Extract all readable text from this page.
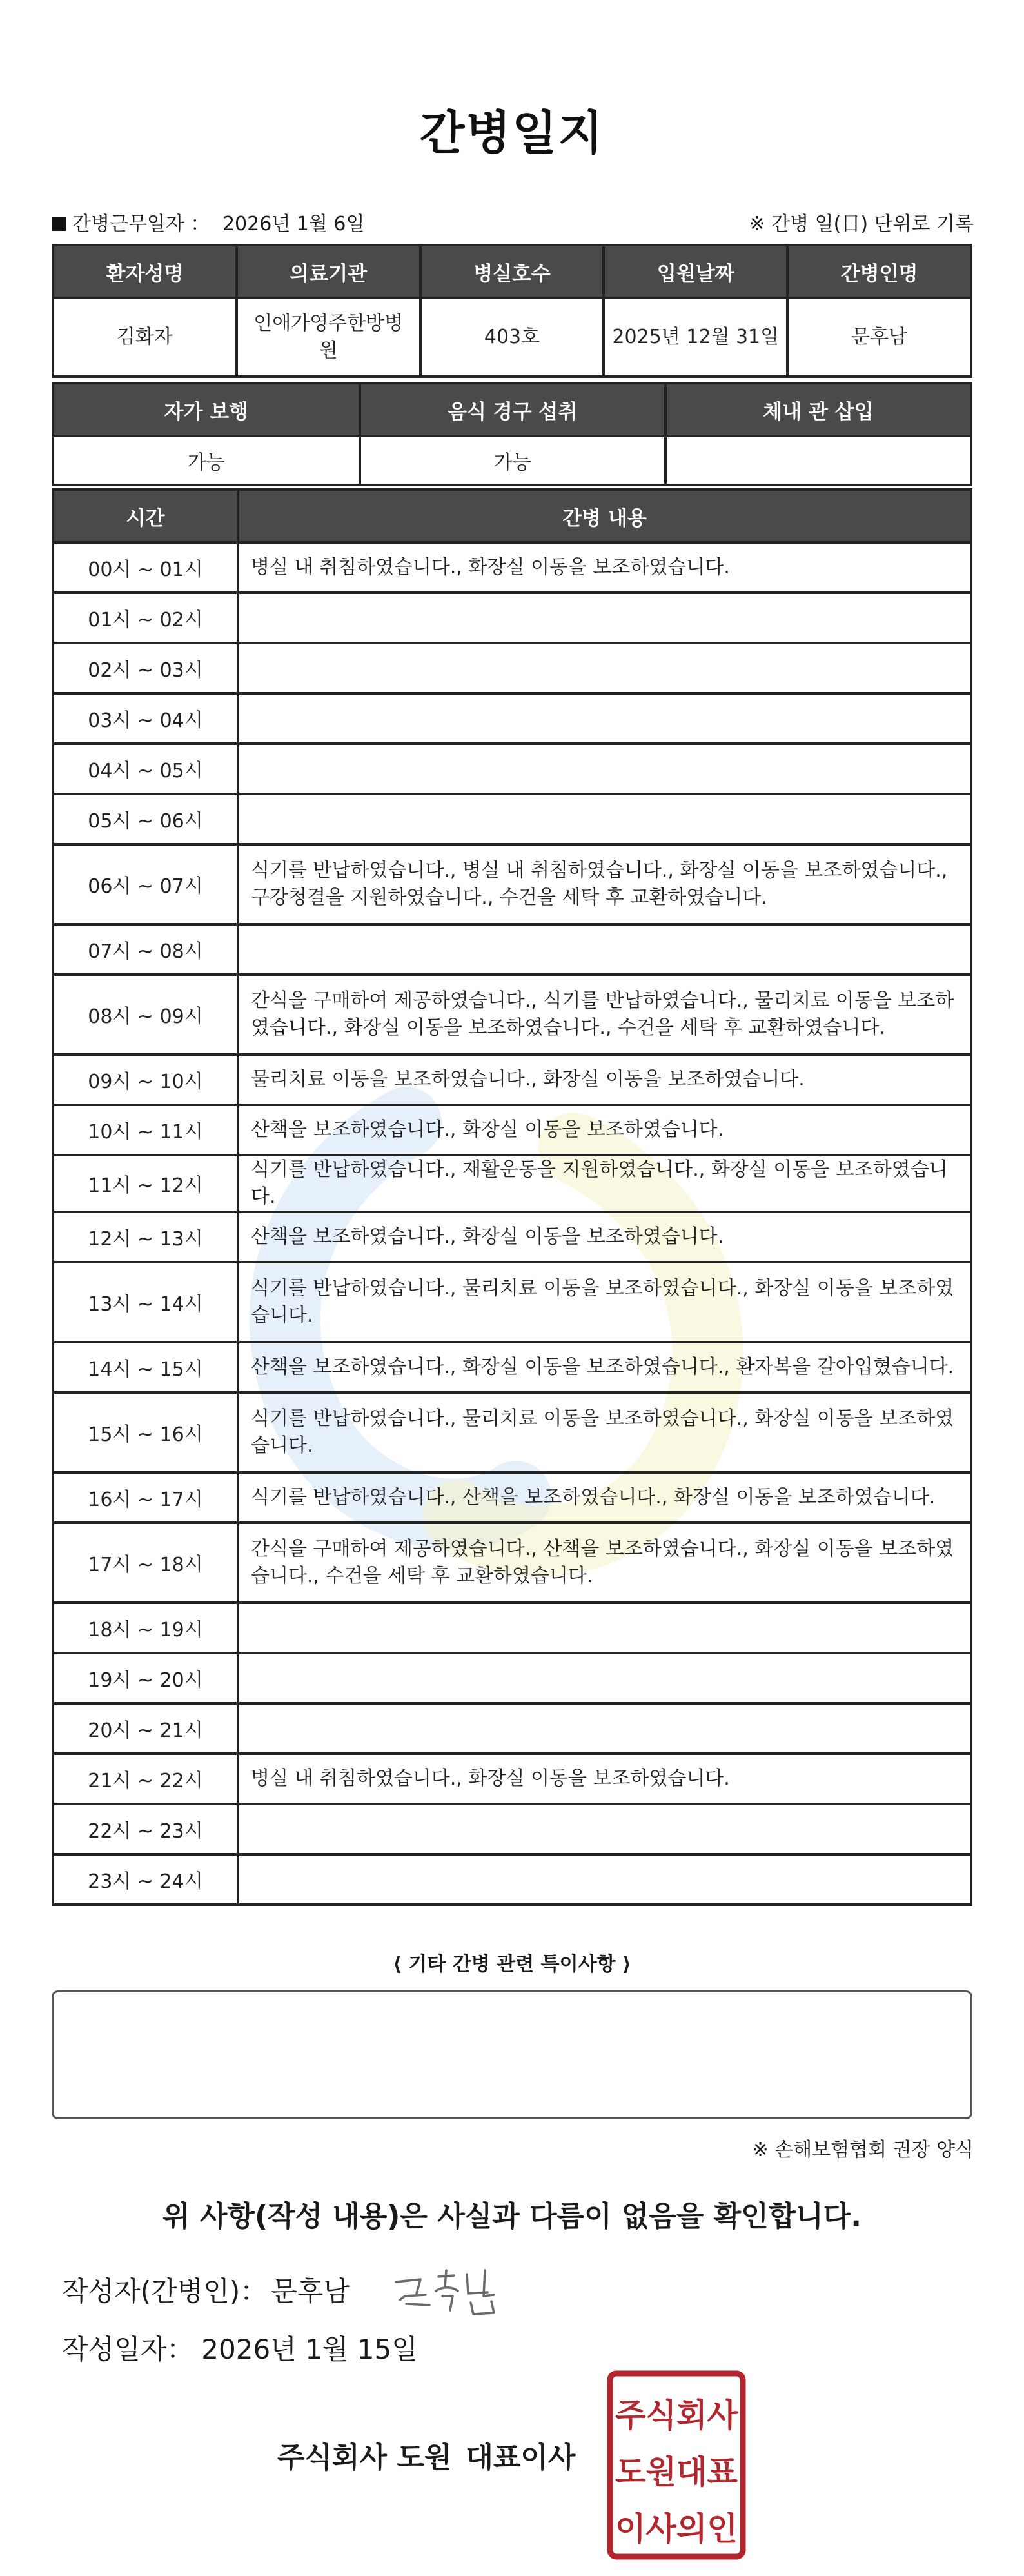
간병일지
간병근무일자 ： 2026년 1월 6일	※ 간병 일(日) 단위로 기록
환자성명	의료기관	병실호수	입원날짜	간병인명
김화자	인애가영주한방병원	403호	2025년 12월 31일	문후남
자가 보행	음식 경구 섭취	체내 관 삽입
가능	가능	
시간	간병 내용
00시 ~ 01시	병실 내 취침하였습니다., 화장실 이동을 보조하였습니다.
01시 ~ 02시	
02시 ~ 03시	
03시 ~ 04시	
04시 ~ 05시	
05시 ~ 06시	
06시 ~ 07시	식기를 반납하였습니다., 병실 내 취침하였습니다., 화장실 이동을 보조하였습니다., 구강청결을 지원하였습니다., 수건을 세탁 후 교환하였습니다.
07시 ~ 08시	
08시 ~ 09시	간식을 구매하여 제공하였습니다., 식기를 반납하였습니다., 물리치료 이동을 보조하였습니다., 화장실 이동을 보조하였습니다., 수건을 세탁 후 교환하였습니다.
09시 ~ 10시	물리치료 이동을 보조하였습니다., 화장실 이동을 보조하였습니다.
10시 ~ 11시	산책을 보조하였습니다., 화장실 이동을 보조하였습니다.
11시 ~ 12시	식기를 반납하였습니다., 재활운동을 지원하였습니다., 화장실 이동을 보조하였습니다.
12시 ~ 13시	산책을 보조하였습니다., 화장실 이동을 보조하였습니다.
13시 ~ 14시	식기를 반납하였습니다., 물리치료 이동을 보조하였습니다., 화장실 이동을 보조하였습니다.
14시 ~ 15시	산책을 보조하였습니다., 화장실 이동을 보조하였습니다., 환자복을 갈아입혔습니다.
15시 ~ 16시	식기를 반납하였습니다., 물리치료 이동을 보조하였습니다., 화장실 이동을 보조하였습니다.
16시 ~ 17시	식기를 반납하였습니다., 산책을 보조하였습니다., 화장실 이동을 보조하였습니다.
17시 ~ 18시	간식을 구매하여 제공하였습니다., 산책을 보조하였습니다., 화장실 이동을 보조하였습니다., 수건을 세탁 후 교환하였습니다.
18시 ~ 19시	
19시 ~ 20시	
20시 ~ 21시	
21시 ~ 22시	병실 내 취침하였습니다., 화장실 이동을 보조하였습니다.
22시 ~ 23시	
23시 ~ 24시	
⟨ 기타 간병 관련 특이사항 ⟩
※ 손해보험협회 권장 양식
위 사항(작성 내용)은 사실과 다름이 없음을 확인합니다.
작성자(간병인)： 문후남
작성일자： 2026년 1월 15일
주식회사 도원 대표이사
주식회사
도원대표
이사의인
